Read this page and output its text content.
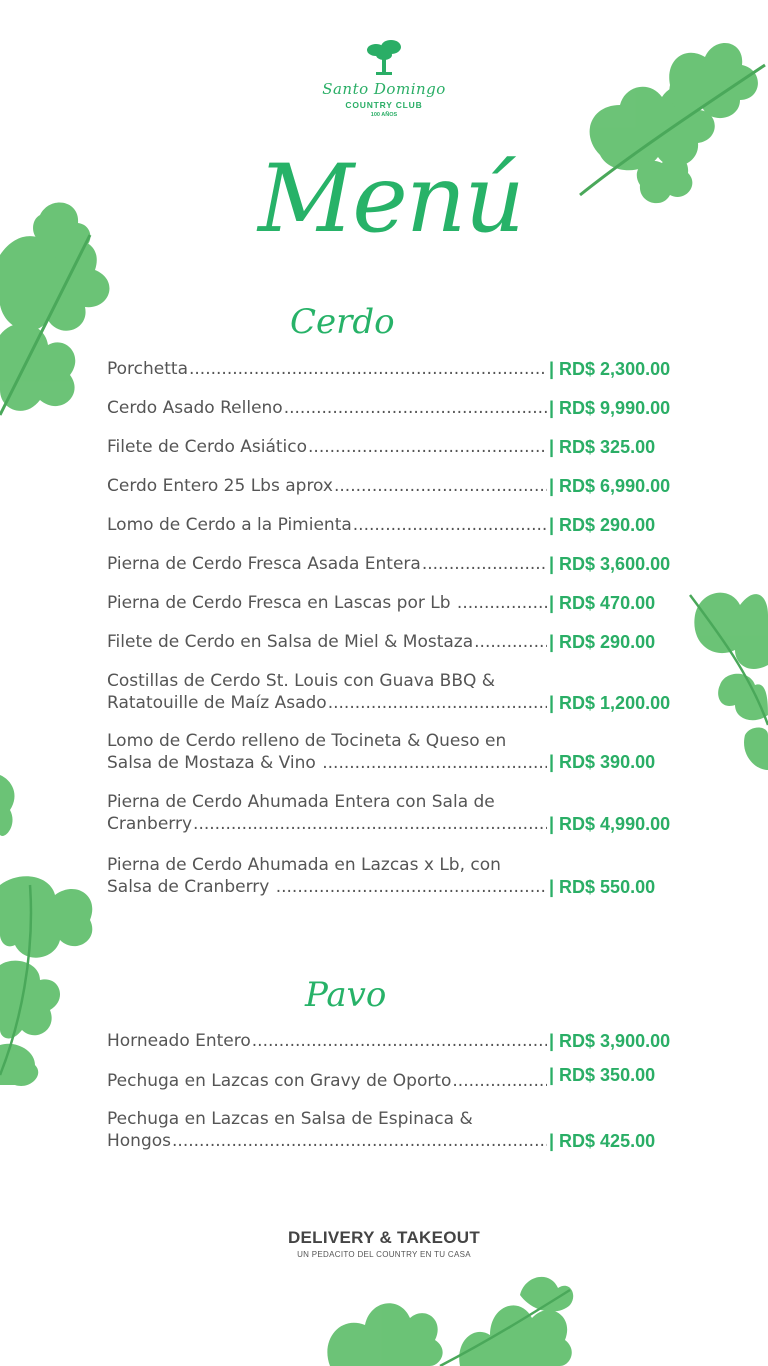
Santo Domingo
COUNTRY CLUB
100 AÑOS
Menú
Cerdo
Porchetta .....	| RD$ 2,300.00
Cerdo Asado Relleno .....	| RD$ 9,990.00
Filete de Cerdo Asiático .....	| RD$ 325.00
Cerdo Entero 25 Lbs aprox .....	| RD$ 6,990.00
Lomo de Cerdo a la Pimienta .....	| RD$ 290.00
Pierna de Cerdo Fresca Asada Entera .....	| RD$ 3,600.00
Pierna de Cerdo Fresca en Lascas por Lb .....	| RD$ 470.00
Filete de Cerdo en Salsa de Miel & Mostaza .....	| RD$ 290.00
Costillas de Cerdo St. Louis con Guava BBQ &
Ratatouille de Maíz Asado .....	| RD$ 1,200.00
Lomo de Cerdo relleno de Tocineta & Queso en
Salsa de Mostaza & Vino .....	| RD$ 390.00
Pierna de Cerdo Ahumada Entera con Sala de
Cranberry .....	| RD$ 4,990.00
Pierna de Cerdo Ahumada en Lazcas x Lb, con
Salsa de Cranberry .....	| RD$ 550.00
Pavo
Horneado Entero .....	| RD$ 3,900.00
Pechuga en Lazcas con Gravy de Oporto .....	| RD$ 350.00
Pechuga en Lazcas en Salsa de Espinaca &
Hongos .....	| RD$ 425.00
DELIVERY & TAKEOUT
UN PEDACITO DEL COUNTRY EN TU CASA
